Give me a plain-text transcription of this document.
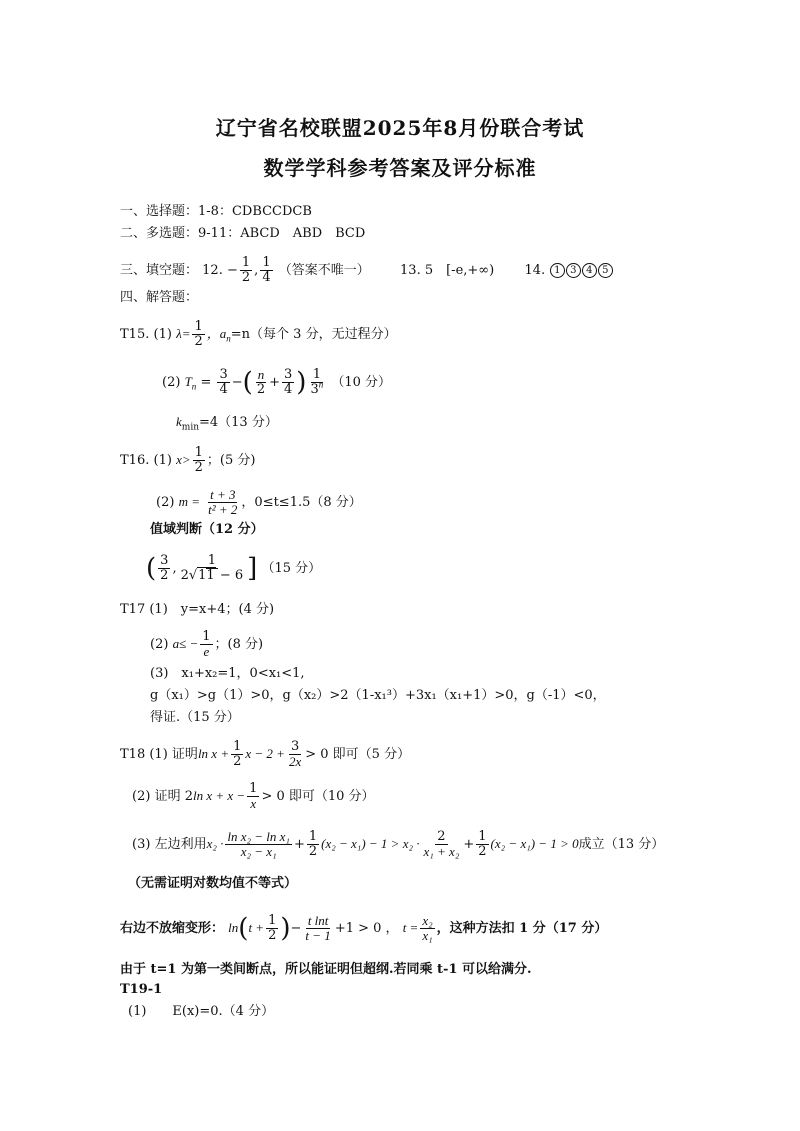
辽宁省名校联盟2025年8月份联合考试
数学学科参考答案及评分标准
一、选择题：1-8：CDBCCDCB
二、多选题：9-11：ABCD　ABD　BCD
三、填空题： 12. − $\frac{1}{2}$ , $\frac{1}{4}$ （答案不唯一） 13. 5　[-e,+∞) 14. 1 3 4 5
四、解答题：
T15. (1) $\lambda= \frac{1}{2}$ ，$a_n=n$（每个 3 分，无过程分）
(2) $T_n = \frac{3}{4}$ −( $\frac{n}{2} + \frac{3}{4}$ ) $\frac{1}{3^n} (10$ 分）
$k_{min}=4(13$ 分）
T16. (1) $x> \frac{1}{2}$ ；(5 分)
(2) $m = \frac{t + 3}{\text{t² + 2}}$ ，0≤t≤1.5（8 分）
值域判断（12 分）
( $\frac{3}{2}$ , $\frac{1}{2√11 - 6}$ ] （15 分）
T17 (1)　y=x+4；(4 分)
(2) $a\le - \frac{1}{e}$ ；(8 分)
(3)　x₁+x₂=1，0<x₁<1,
g（x₁）>g（1）>0，g（x₂）>2（1-x₁³）+3x₁（x₁+1）>0，g（-1）<0，
得证.（15 分）
T18 (1) 证明$\ln x + \frac{1}{2}$ $x - 2 + \frac{3}{2x} > 0$ 即可（5 分）
(2) 证明 2ln $x + x - \frac{1}{x} > 0$ 即可（10 分）
(3) 左边利用$x_2 \cdot \frac{\text{ln x₂ − ln x₁}}{\text{x₂ − x₁}} + \frac{1}{2} (x_2 - x_1) - 1 > x_2 \cdot \frac{2}{\text{x₁ + x₂}} + \frac{1}{2} (x_2 - x_1) - 1 > 0$成立（13 分）
（无需证明对数均值不等式）
右边不放缩变形： $\ln(t + \frac{1}{2}$ )− $\frac{\text{t lnt}}{t - 1} +1 > 0$ ， $t = \frac{\text{x₂}}{\text{x₁}}$ ，这种方法扣 1 分（17 分）
由于 t=1 为第一类间断点，所以能证明但超纲.若同乘 t-1 可以给满分.
T19-1
(1)　　E(x)=0.（4 分）
